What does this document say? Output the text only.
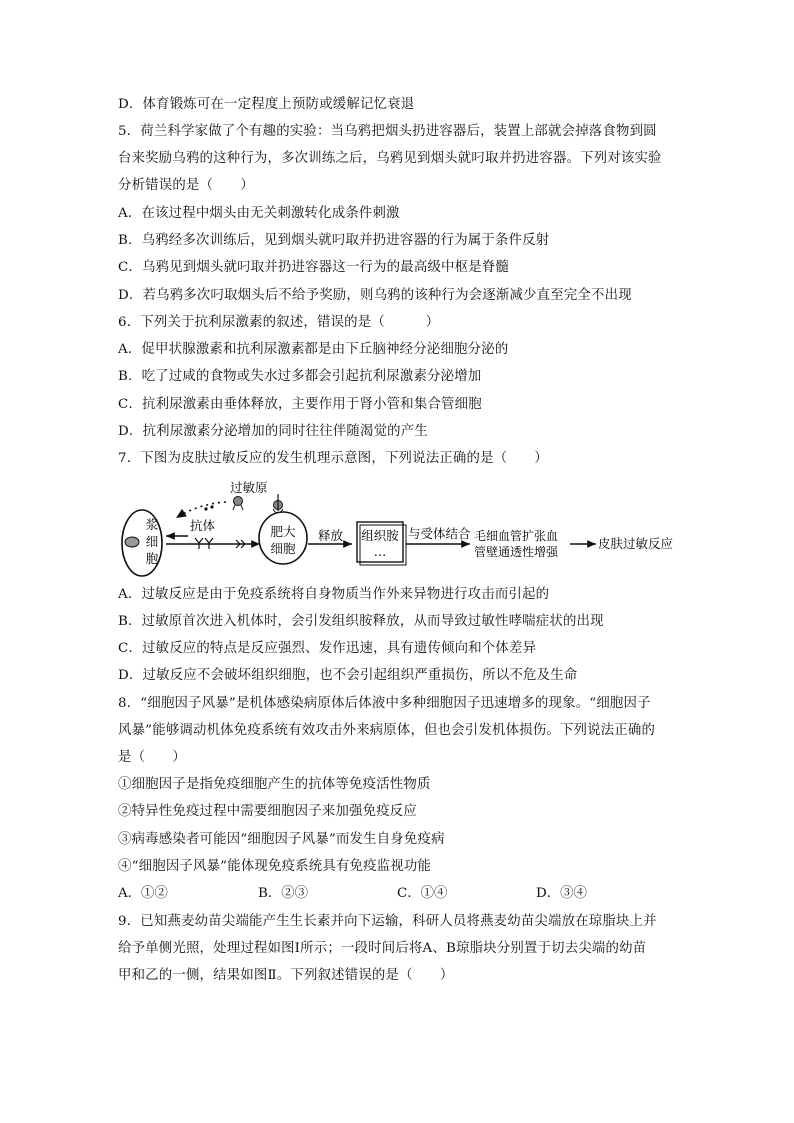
D．体育锻炼可在一定程度上预防或缓解记忆衰退
5．荷兰科学家做了个有趣的实验：当乌鸦把烟头扔进容器后，装置上部就会掉落食物到圆
台来奖励乌鸦的这种行为，多次训练之后，乌鸦见到烟头就叼取并扔进容器。下列对该实验
分析错误的是（　　）
A．在该过程中烟头由无关刺激转化成条件刺激
B．乌鸦经多次训练后，见到烟头就叼取并扔进容器的行为属于条件反射
C．乌鸦见到烟头就叼取并扔进容器这一行为的最高级中枢是脊髓
D．若乌鸦多次叼取烟头后不给予奖励，则乌鸦的该种行为会逐渐减少直至完全不出现
6．下列关于抗利尿激素的叙述，错误的是（　　　）
A．促甲状腺激素和抗利尿激素都是由下丘脑神经分泌细胞分泌的
B．吃了过咸的食物或失水过多都会引起抗利尿激素分泌增加
C．抗利尿激素由垂体释放，主要作用于肾小管和集合管细胞
D．抗利尿激素分泌增加的同时往往伴随渴觉的产生
7．下图为皮肤过敏反应的发生机理示意图，下列说法正确的是（　　）
浆
细
胞
过敏原
抗体	肥大
细胞
释放 组织胺
…
与受体结合 毛细血管扩张血
管壁通透性增强
皮肤过敏反应
A．过敏反应是由于免疫系统将自身物质当作外来异物进行攻击而引起的
B．过敏原首次进入机体时，会引发组织胺释放，从而导致过敏性哮喘症状的出现
C．过敏反应的特点是反应强烈、发作迅速，具有遗传倾向和个体差异
D．过敏反应不会破坏组织细胞，也不会引起组织严重损伤，所以不危及生命
8．“细胞因子风暴”是机体感染病原体后体液中多种细胞因子迅速增多的现象。“细胞因子
风暴”能够调动机体免疫系统有效攻击外来病原体，但也会引发机体损伤。下列说法正确的
是（　　）
①细胞因子是指免疫细胞产生的抗体等免疫活性物质
②特异性免疫过程中需要细胞因子来加强免疫反应
③病毒感染者可能因“细胞因子风暴”而发生自身免疫病
④“细胞因子风暴”能体现免疫系统具有免疫监视功能
A．①②	B．②③	C．①④	D．③④
9．已知燕麦幼苗尖端能产生生长素并向下运输，科研人员将燕麦幼苗尖端放在琼脂块上并
给予单侧光照，处理过程如图Ⅰ所示；一段时间后将A、B琼脂块分别置于切去尖端的幼苗
甲和乙的一侧，结果如图Ⅱ。下列叙述错误的是（　　）
